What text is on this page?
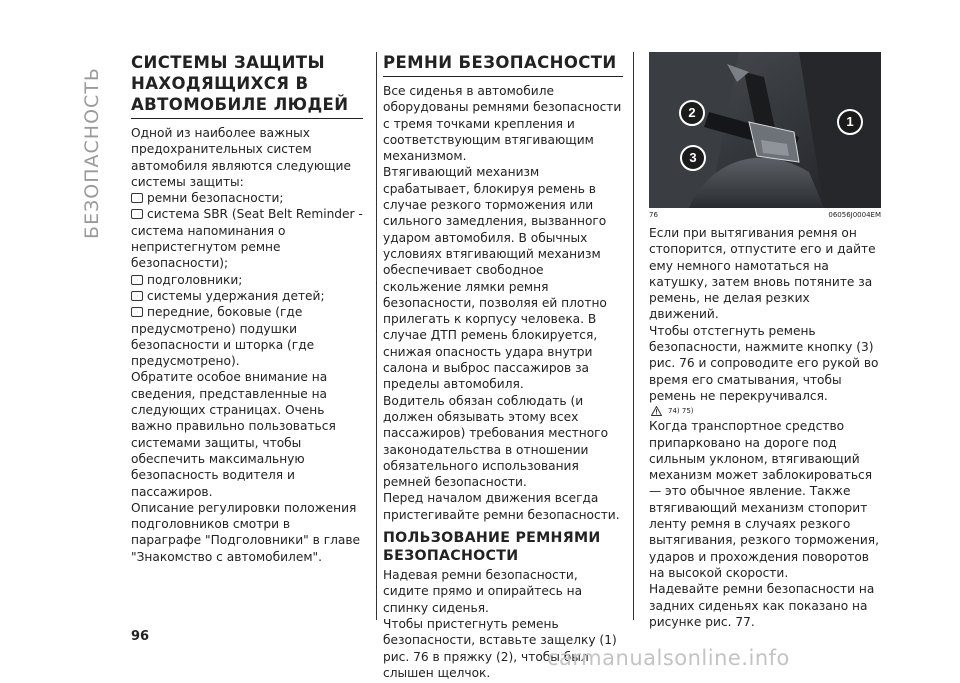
БЕЗОПАСНОСТЬ
СИСТЕМЫ ЗАЩИТЫ НАХОДЯЩИХСЯ В АВТОМОБИЛЕ ЛЮДЕЙ

Одной из наиболее важных предохранительных систем автомобиля являются следующие системы защиты:

ремни безопасности;
система SBR (Seat Belt Reminder - система напоминания о непристегнутом ремне безопасности);
подголовники;
системы удержания детей;
передние, боковые (где предусмотрено) подушки безопасности и шторка (где предусмотрено).

Обратите особое внимание на сведения, представленные на следующих страницах. Очень важно правильно пользоваться системами защиты, чтобы обеспечить максимальную безопасность водителя и пассажиров.

Описание регулировки положения подголовников смотри в параграфе "Подголовники" в главе "Знакомство с автомобилем".

РЕМНИ БЕЗОПАСНОСТИ

Все сиденья в автомобиле оборудованы ремнями безопасности с тремя точками крепления и соответствующим втягивающим механизмом.

Втягивающий механизм срабатывает, блокируя ремень в случае резкого торможения или сильного замедления, вызванного ударом автомобиля. В обычных условиях втягивающий механизм обеспечивает свободное скольжение лямки ремня безопасности, позволяя ей плотно прилегать к корпусу человека. В случае ДТП ремень блокируется, снижая опасность удара внутри салона и выброс пассажиров за пределы автомобиля.

Водитель обязан соблюдать (и должен обязывать этому всех пассажиров) требования местного законодательства в отношении обязательного использования ремней безопасности.

Перед началом движения всегда пристегивайте ремни безопасности.

ПОЛЬЗОВАНИЕ РЕМНЯМИ БЕЗОПАСНОСТИ

Надевая ремни безопасности, сидите прямо и опирайтесь на спинку сиденья.

Чтобы пристегнуть ремень безопасности, вставьте защелку (1) рис. 76 в пряжку (2), чтобы был слышен щелчок.

1
2
3
76	06056J0004EM

Если при вытягивания ремня он стопорится, отпустите его и дайте ему немного намотаться на катушку, затем вновь потяните за ремень, не делая резких движений.

Чтобы отстегнуть ремень безопасности, нажмите кнопку (3) рис. 76 и сопроводите его рукой во время его сматывания, чтобы ремень не перекручивался.

74) 75)

Когда транспортное средство припарковано на дороге под сильным уклоном, втягивающий механизм может заблокироваться — это обычное явление. Также втягивающий механизм стопорит ленту ремня в случаях резкого вытягивания, резкого торможения, ударов и прохождения поворотов на высокой скорости.

Надевайте ремни безопасности на задних сиденьях как показано на рисунке рис. 77.

96
carmanualsonline.info
